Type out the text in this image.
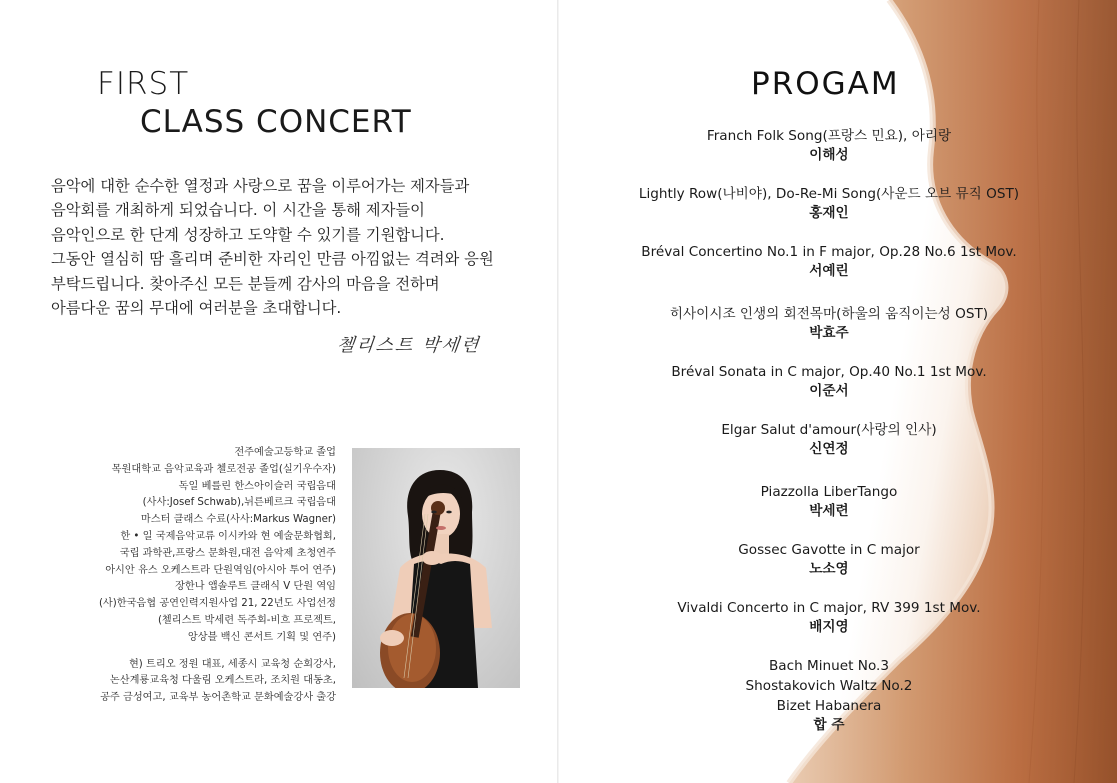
FIRST
CLASS CONCERT

음악에 대한 순수한 열정과 사랑으로 꿈을 이루어가는 제자들과

음악회를 개최하게 되었습니다. 이 시간을 통해 제자들이

음악인으로 한 단계 성장하고 도약할 수 있기를 기원합니다.

그동안 열심히 땀 흘리며 준비한 자리인 만큼 아낌없는 격려와 응원

부탁드립니다. 찾아주신 모든 분들께 감사의 마음을 전하며

아름다운 꿈의 무대에 여러분을 초대합니다.

첼리스트 박세련

전주예술고등학교 졸업

목원대학교 음악교육과 첼로전공 졸업(실기우수자)

독일 베를린 한스아이슬러 국립음대

(사사:Josef Schwab),뉘른베르크 국립음대

마스터 클래스 수료(사사:Markus Wagner)

한 • 일 국제음악교류 이시카와 현 예술문화협회,

국립 과학관,프랑스 문화원,대전 음악제 초청연주

아시안 유스 오케스트라 단원역임(아시아 투어 연주)

장한나 앱솔루트 클래식 V 단원 역임

(사)한국음협 공연인력지원사업 21, 22년도 사업선정

(첼리스트 박세련 독주회-비흐 프로젝트,

앙상블 백신 콘서트 기획 및 연주)

현) 트리오 정원 대표, 세종시 교육청 순회강사,

논산계룡교육청 다울림 오케스트라, 조치원 대동초,

공주 금성여고, 교육부 농어촌학교 문화예술강사 출강

PROGAM
Franch Folk Song(프랑스 민요), 아리랑
이해성
Lightly Row(나비야), Do-Re-Mi Song(사운드 오브 뮤직 OST)
홍재인
Bréval Concertino No.1 in F major, Op.28 No.6 1st Mov.
서예린
히사이시조 인생의 회전목마(하울의 움직이는성 OST)
박효주
Bréval Sonata in C major, Op.40 No.1 1st Mov.
이준서
Elgar Salut d'amour(사랑의 인사)
신연정
Piazzolla LiberTango
박세련
Gossec Gavotte in C major
노소영
Vivaldi Concerto in C major, RV 399 1st Mov.
배지영
Bach Minuet No.3
Shostakovich Waltz No.2
Bizet Habanera
합 주
